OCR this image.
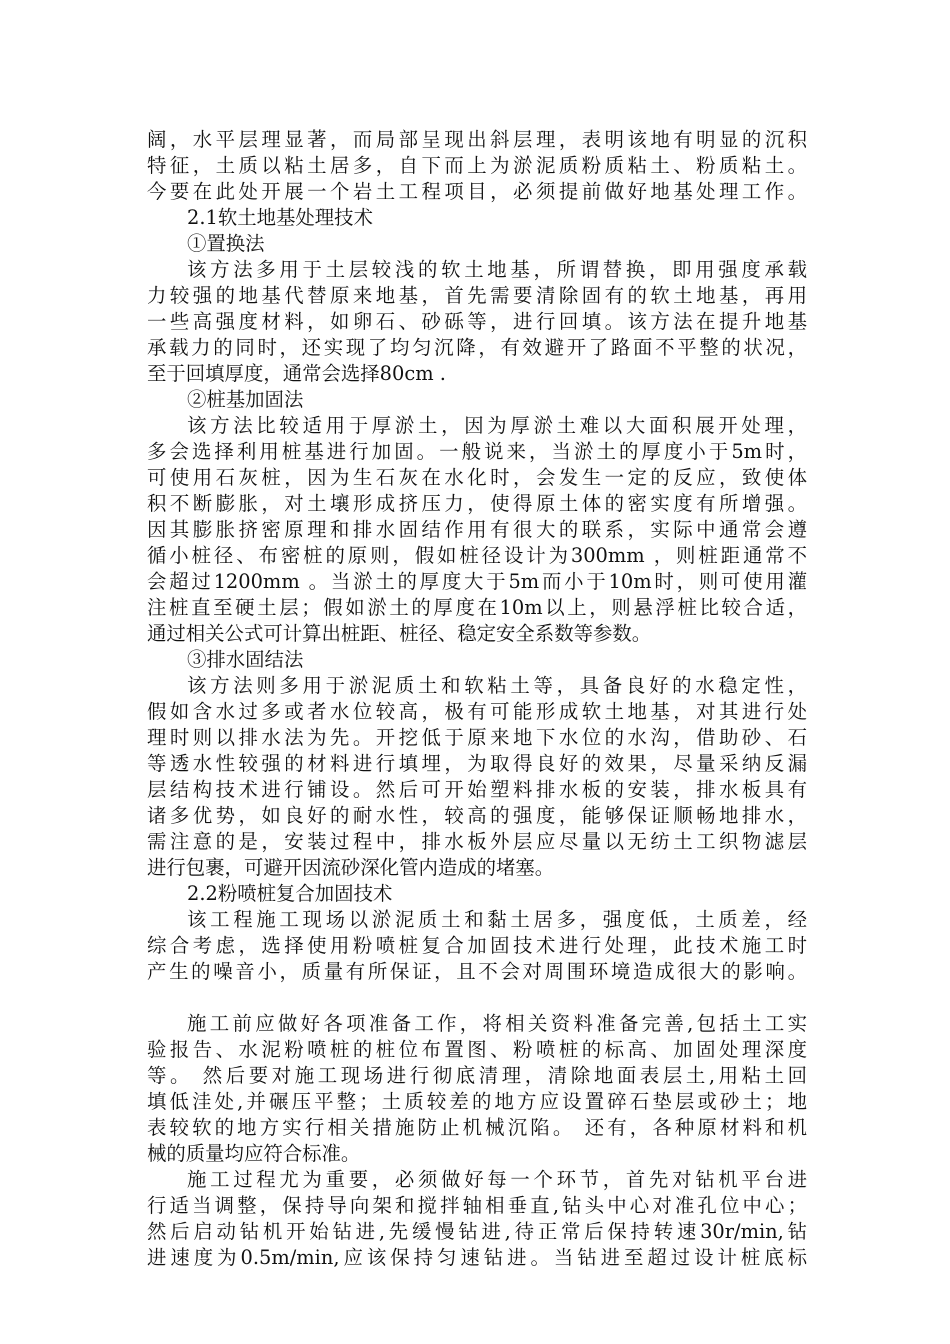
阔，水平层理显著，而局部呈现出斜层理，表明该地有明显的沉积
特征，土质以粘土居多，自下而上为淤泥质粉质粘土、粉质粘土。
今要在此处开展一个岩土工程项目，必须提前做好地基处理工作。
2.1软土地基处理技术
①置换法
该方法多用于土层较浅的软土地基，所谓替换，即用强度承载
力较强的地基代替原来地基，首先需要清除固有的软土地基，再用
一些高强度材料，如卵石、砂砾等，进行回填。该方法在提升地基
承载力的同时，还实现了均匀沉降，有效避开了路面不平整的状况，
至于回填厚度，通常会选择80cm .
②桩基加固法
该方法比较适用于厚淤土，因为厚淤土难以大面积展开处理，
多会选择利用桩基进行加固。一般说来，当淤土的厚度小于5m时，
可使用石灰桩，因为生石灰在水化时，会发生一定的反应，致使体
积不断膨胀，对土壤形成挤压力，使得原土体的密实度有所增强。
因其膨胀挤密原理和排水固结作用有很大的联系，实际中通常会遵
循小桩径、布密桩的原则，假如桩径设计为300mm ，则桩距通常不
会超过1200mm 。当淤土的厚度大于5m而小于10m时，则可使用灌
注桩直至硬土层；假如淤土的厚度在10m以上，则悬浮桩比较合适，
通过相关公式可计算出桩距、桩径、稳定安全系数等参数。
③排水固结法
该方法则多用于淤泥质土和软粘土等，具备良好的水稳定性，
假如含水过多或者水位较高，极有可能形成软土地基，对其进行处
理时则以排水法为先。开挖低于原来地下水位的水沟，借助砂、石
等透水性较强的材料进行填埋，为取得良好的效果，尽量采纳反漏
层结构技术进行铺设。然后可开始塑料排水板的安装，排水板具有
诸多优势，如良好的耐水性，较高的强度，能够保证顺畅地排水，
需注意的是，安装过程中，排水板外层应尽量以无纺土工织物滤层
进行包裹，可避开因流砂深化管内造成的堵塞。
2.2粉喷桩复合加固技术
该工程施工现场以淤泥质土和黏土居多，强度低，土质差，经
综合考虑，选择使用粉喷桩复合加固技术进行处理，此技术施工时
产生的噪音小，质量有所保证，且不会对周围环境造成很大的影响。
施工前应做好各项准备工作，将相关资料准备完善,包括土工实
验报告、水泥粉喷桩的桩位布置图、粉喷桩的标高、加固处理深度
等。 然后要对施工现场进行彻底清理，清除地面表层土,用粘土回
填低洼处,并碾压平整；土质较差的地方应设置碎石垫层或砂土；地
表较软的地方实行相关措施防止机械沉陷。 还有，各种原材料和机
械的质量均应符合标准。
施工过程尤为重要，必须做好每一个环节，首先对钻机平台进
行适当调整，保持导向架和搅拌轴相垂直,钻头中心对准孔位中心；
然后启动钻机开始钻进,先缓慢钻进,待正常后保持转速30r/min,钻
进速度为0.5m/min,应该保持匀速钻进。当钻进至超过设计桩底标
